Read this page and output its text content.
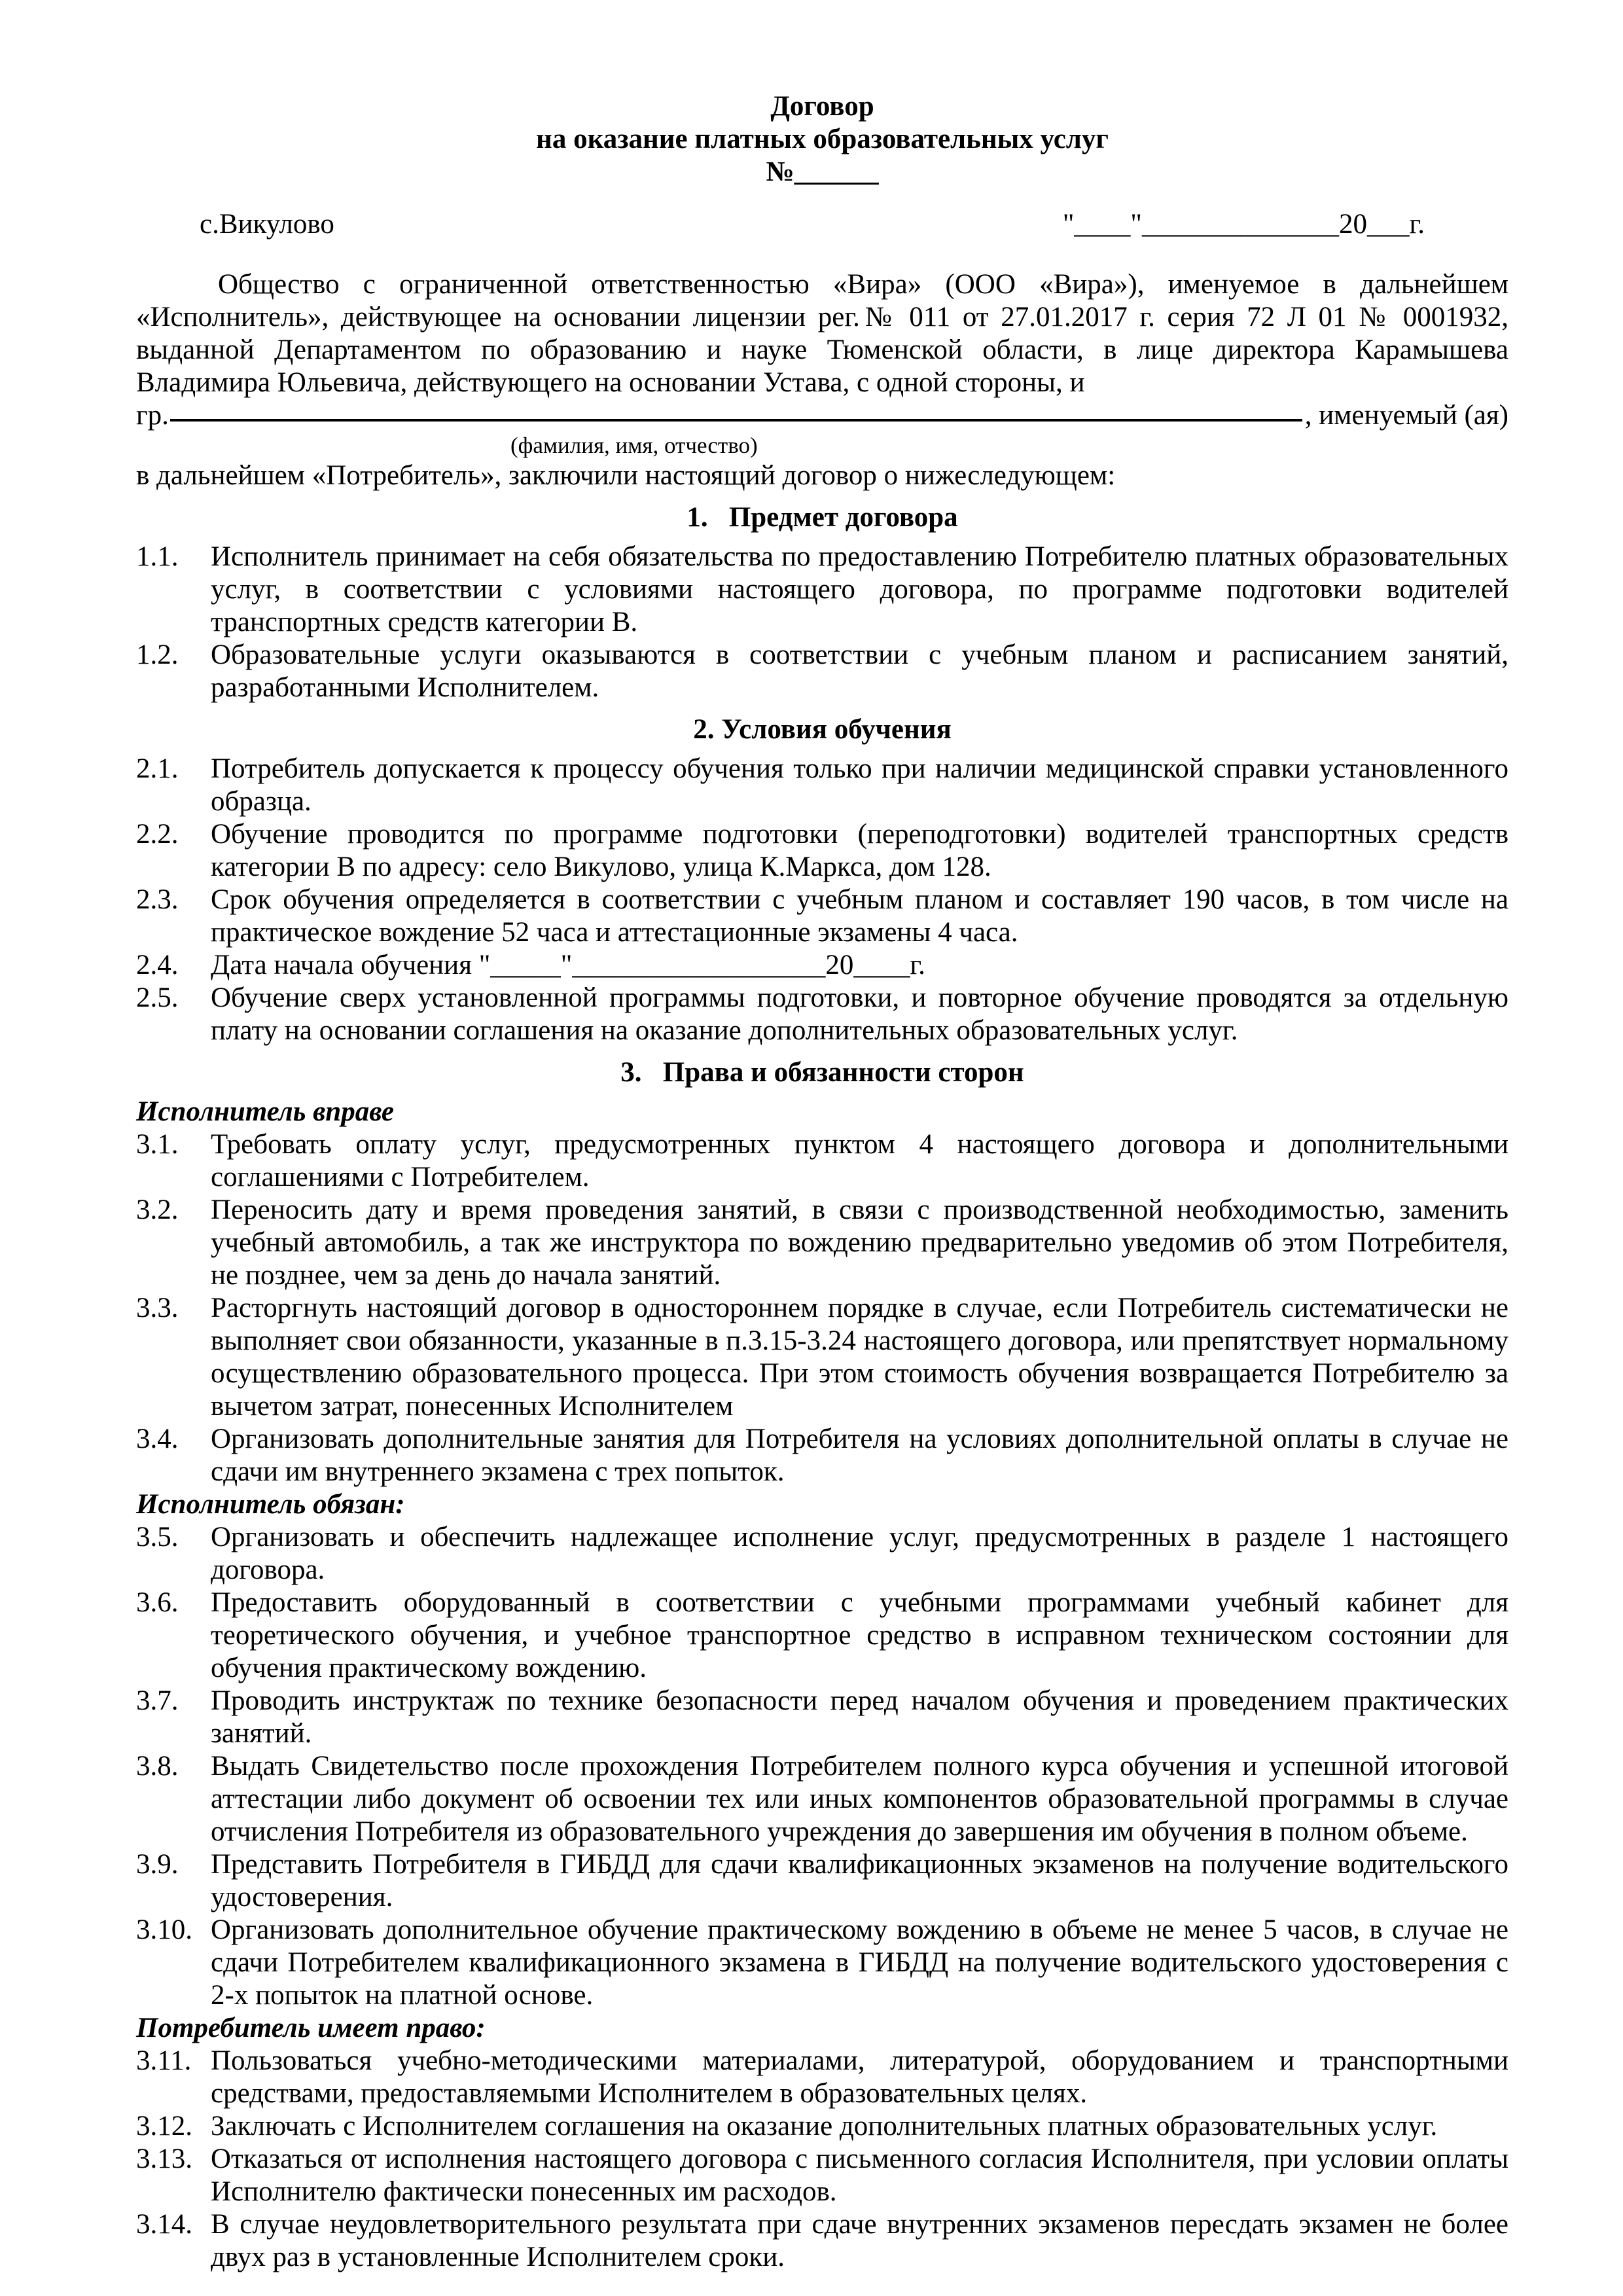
Договор
на оказание платных образовательных услуг
№______
с.Викулово	"____"______________20___г.
Общество с ограниченной ответственностью «Вира» (ООО «Вира»), именуемое в дальнейшем «Исполнитель», действующее на основании лицензии рег.№ 011 от 27.01.2017 г. серия 72 Л 01 № 0001932, выданной Департаментом по образованию и науке Тюменской области, в лице директора Карамышева Владимира Юльевича, действующего на основании Устава, с одной стороны, и
гр.	, именуемый (ая)
(фамилия, имя, отчество)
в дальнейшем «Потребитель», заключили настоящий договор о нижеследующем:
1.   Предмет договора
1.1. Исполнитель принимает на себя обязательства по предоставлению Потребителю платных образовательных услуг, в соответствии с условиями настоящего договора, по программе подготовки водителей транспортных средств категории В.
1.2. Образовательные услуги оказываются в соответствии с учебным планом и расписанием занятий, разработанными Исполнителем.
2. Условия обучения
2.1. Потребитель допускается к процессу обучения только при наличии медицинской справки установленного образца.
2.2. Обучение проводится по программе подготовки (переподготовки) водителей транспортных средств категории В по адресу: село Викулово, улица К.Маркса, дом 128.
2.3. Срок обучения определяется в соответствии с учебным планом и составляет 190 часов, в том числе на практическое вождение 52 часа и аттестационные экзамены 4 часа.
2.4. Дата начала обучения "_____"__________________20____г.
2.5. Обучение сверх установленной программы подготовки, и повторное обучение проводятся за отдельную плату на основании соглашения на оказание дополнительных образовательных услуг.
3.   Права и обязанности сторон
Исполнитель вправе
3.1. Требовать оплату услуг, предусмотренных пунктом 4 настоящего договора и дополнительными соглашениями с Потребителем.
3.2. Переносить дату и время проведения занятий, в связи с производственной необходимостью, заменить учебный автомобиль, а так же инструктора по вождению предварительно уведомив об этом Потребителя, не позднее, чем за день до начала занятий.
3.3. Расторгнуть настоящий договор в одностороннем порядке в случае, если Потребитель систематически не выполняет свои обязанности, указанные в п.3.15-3.24 настоящего договора, или препятствует нормальному осуществлению образовательного процесса. При этом стоимость обучения возвращается Потребителю за вычетом затрат, понесенных Исполнителем
3.4. Организовать дополнительные занятия для Потребителя на условиях дополнительной оплаты в случае не сдачи им внутреннего экзамена с трех попыток.
Исполнитель обязан:
3.5. Организовать и обеспечить надлежащее исполнение услуг, предусмотренных в разделе 1 настоящего договора.
3.6. Предоставить оборудованный в соответствии с учебными программами учебный кабинет для теоретического обучения, и учебное транспортное средство в исправном техническом состоянии для обучения практическому вождению.
3.7. Проводить инструктаж по технике безопасности перед началом обучения и проведением практических занятий.
3.8. Выдать Свидетельство после прохождения Потребителем полного курса обучения и успешной итоговой аттестации либо документ об освоении тех или иных компонентов образовательной программы в случае отчисления Потребителя из образовательного учреждения до завершения им обучения в полном объеме.
3.9. Представить Потребителя в ГИБДД для сдачи квалификационных экзаменов на получение водительского удостоверения.
3.10. Организовать дополнительное обучение практическому вождению в объеме не менее 5 часов, в случае не сдачи Потребителем квалификационного экзамена в ГИБДД на получение водительского удостоверения с 2-х попыток на платной основе.
Потребитель имеет право:
3.11. Пользоваться учебно-методическими материалами, литературой, оборудованием и транспортными средствами, предоставляемыми Исполнителем в образовательных целях.
3.12. Заключать с Исполнителем соглашения на оказание дополнительных платных образовательных услуг.
3.13. Отказаться от исполнения настоящего договора с письменного согласия Исполнителя, при условии оплаты Исполнителю фактически понесенных им расходов.
3.14. В случае неудовлетворительного результата при сдаче внутренних экзаменов пересдать экзамен не более двух раз в установленные Исполнителем сроки.
